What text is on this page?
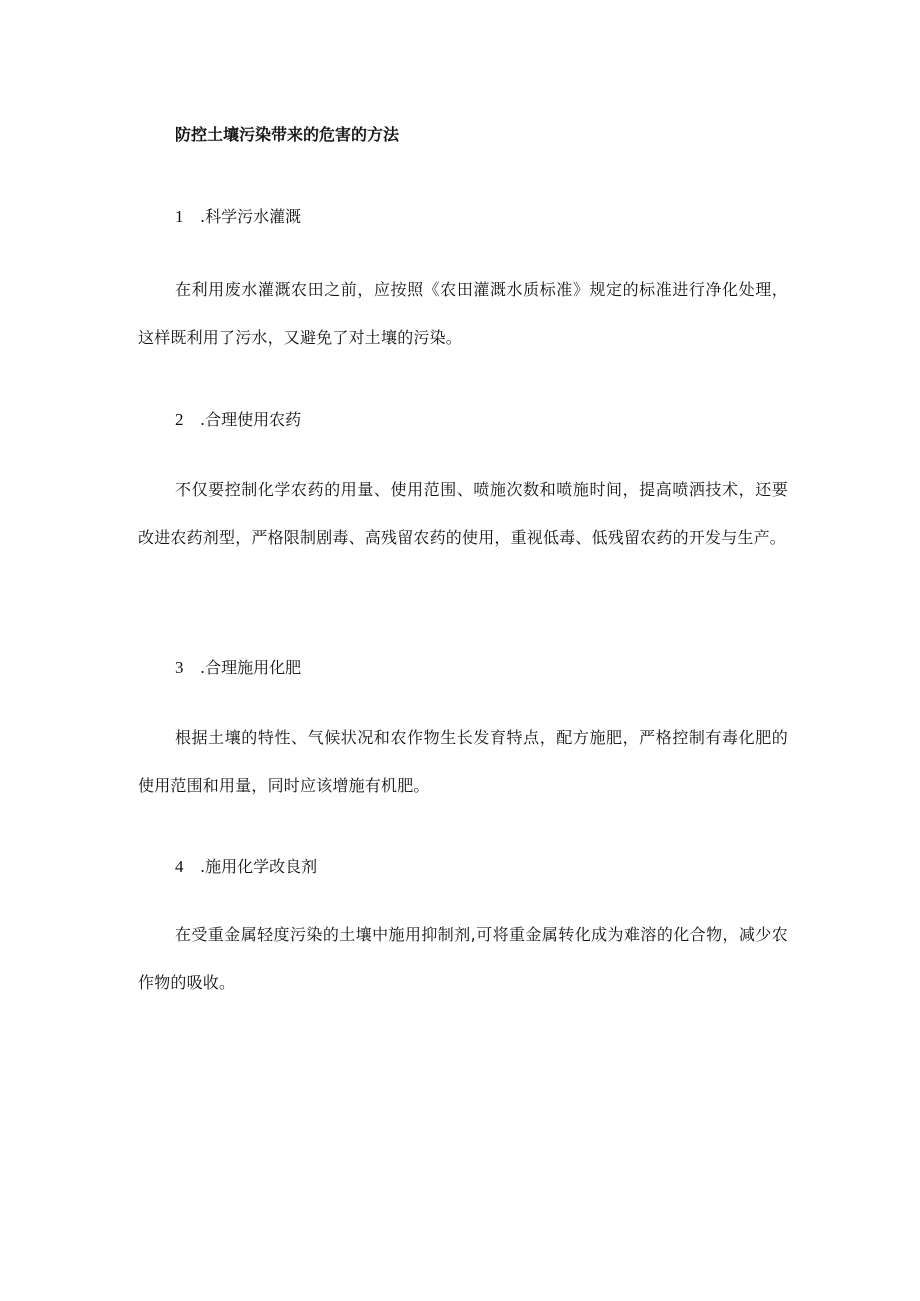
防控土壤污染带来的危害的方法
1 .科学污水灌溉
在利用废水灌溉农田之前，应按照《农田灌溉水质标准》规定的标准进行净化处理，这样既利用了污水，又避免了对土壤的污染。
2 .合理使用农药
不仅要控制化学农药的用量、使用范围、喷施次数和喷施时间，提高喷洒技术，还要改进农药剂型，严格限制剧毒、高残留农药的使用，重视低毒、低残留农药的开发与生产。
3 .合理施用化肥
根据土壤的特性、气候状况和农作物生长发育特点，配方施肥，严格控制有毒化肥的使用范围和用量，同时应该增施有机肥。
4 .施用化学改良剂
在受重金属轻度污染的土壤中施用抑制剂,可将重金属转化成为难溶的化合物，减少农作物的吸收。
